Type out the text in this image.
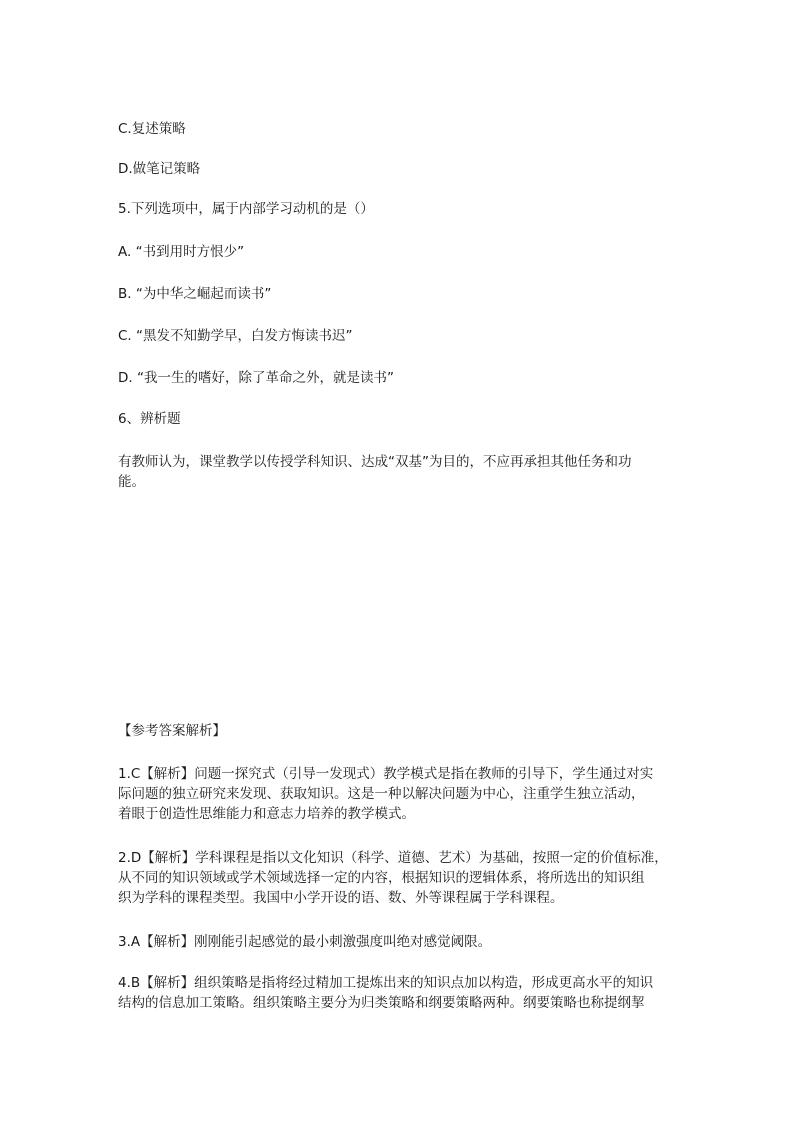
C.复述策略
D.做笔记策略
5.下列选项中，属于内部学习动机的是（）
A. “书到用时方恨少”
B. “为中华之崛起而读书”
C. “黑发不知勤学早，白发方悔读书迟”
D. “我一生的嗜好，除了革命之外，就是读书”
6、辨析题
有教师认为，课堂教学以传授学科知识、达成“双基”为目的，不应再承担其他任务和功
能。
【参考答案解析】
1.C【解析】问题一探究式（引导一发现式）教学模式是指在教师的引导下，学生通过对实
际问题的独立研究来发现、获取知识。这是一种以解决问题为中心，注重学生独立活动，
着眼于创造性思维能力和意志力培养的教学模式。
2.D【解析】学科课程是指以文化知识（科学、道德、艺术）为基础，按照一定的价值标准，
从不同的知识领域或学术领域选择一定的内容，根据知识的逻辑体系，将所选出的知识组
织为学科的课程类型。我国中小学开设的语、数、外等课程属于学科课程。
3.A【解析】刚刚能引起感觉的最小刺激强度叫绝对感觉阈限。
4.B【解析】组织策略是指将经过精加工提炼出来的知识点加以构造，形成更高水平的知识
结构的信息加工策略。组织策略主要分为归类策略和纲要策略两种。纲要策略也称提纲挈
